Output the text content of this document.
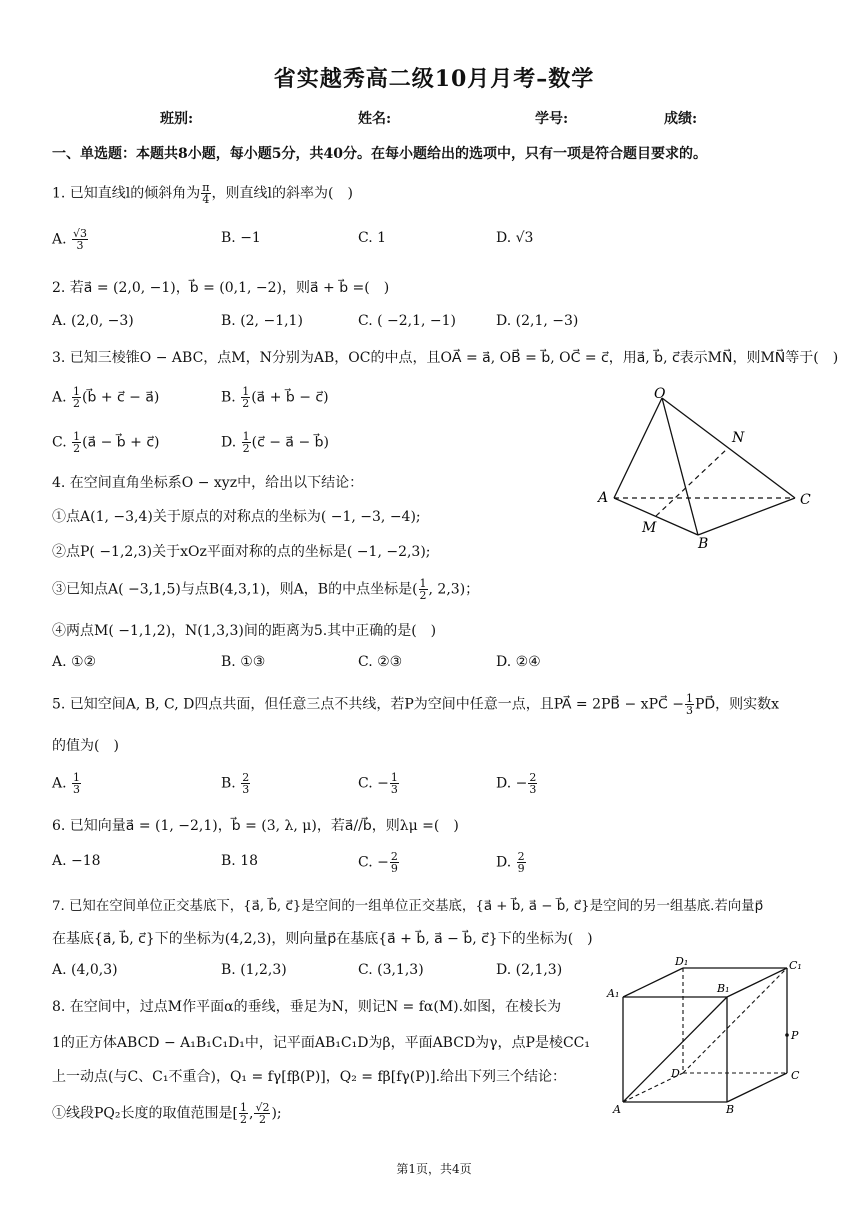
省实越秀高二级10月月考–数学
班别:	姓名:	学号:	成绩:
一、单选题：本题共8小题，每小题5分，共40分。在每小题给出的选项中，只有一项是符合题目要求的。
1. 已知直线l的倾斜角为 $\frac{\pi}{4}$ ，则直线l的斜率为(　)
A. $\frac{√3}{3}$	B. −1	C. 1	D. √3
2. 若a⃗ = (2,0, −1)，b⃗ = (0,1, −2)，则a⃗ + b⃗ =(　)
A. (2,0, −3)	B. (2, −1,1)	C. ( −2,1, −1)	D. (2,1, −3)
3. 已知三棱锥O − ABC，点M，N分别为AB，OC的中点，且OA⃗ = a⃗, OB⃗ = b⃗, OC⃗ = c⃗，用a⃗, b⃗, c⃗表示MN⃗，则MN⃗等于(　)
A. $\frac{1}{2}$ (b⃗ + c⃗ − a⃗)	B. $\frac{1}{2}$ (a⃗ + b⃗ − c⃗)
C. $\frac{1}{2}$ (a⃗ − b⃗ + c⃗)	D. $\frac{1}{2}$ (c⃗ − a⃗ − b⃗)
O
N
A	C
M
B
4. 在空间直角坐标系O − xyz中，给出以下结论：
①点A(1, −3,4)关于原点的对称点的坐标为( −1, −3, −4);
②点P( −1,2,3)关于xOz平面对称的点的坐标是( −1, −2,3);
③已知点A( −3,1,5)与点B(4,3,1)，则A，B的中点坐标是( $\frac{1}{2}$ , 2,3)；
④两点M( −1,1,2)，N(1,3,3)间的距离为5.其中正确的是(　)
A. ①②	B. ①③	C. ②③	D. ②④
5. 已知空间A, B, C, D四点共面，但任意三点不共线，若P为空间中任意一点，且PA⃗ = 2PB⃗ − xPC⃗ − $\frac{1}{3}$ PD⃗，则实数x
的值为(　)
A. $\frac{1}{3}$	B. $\frac{2}{3}$	C. − $\frac{1}{3}$	D. − $\frac{2}{3}$
6. 已知向量a⃗ = (1, −2,1)，b⃗ = (3, λ, μ)，若a⃗//b⃗，则λμ =(　)
A. −18	B. 18	C. − $\frac{2}{9}$	D. $\frac{2}{9}$
7. 已知在空间单位正交基底下，{a⃗, b⃗, c⃗}是空间的一组单位正交基底，{a⃗ + b⃗, a⃗ − b⃗, c⃗}是空间的另一组基底.若向量p⃗
在基底{a⃗, b⃗, c⃗}下的坐标为(4,2,3)，则向量p⃗在基底{a⃗ + b⃗, a⃗ − b⃗, c⃗}下的坐标为(　)
A. (4,0,3)	B. (1,2,3)	C. (3,1,3)	D. (2,1,3)
8. 在空间中，过点M作平面α的垂线，垂足为N，则记N = fα(M).如图，在棱长为
1的正方体ABCD − A₁B₁C₁D₁中，记平面AB₁C₁D为β，平面ABCD为γ，点P是棱CC₁
上一动点(与C、C₁不重合)，Q₁ = fγ[fβ(P)]，Q₂ = fβ[fγ(P)].给出下列三个结论：
①线段PQ₂长度的取值范围是[ $\frac{1}{2}$ , $\frac{√2}{2}$ );
D₁	C₁
A₁	B₁
P
D	C
A	B
第1页，共4页
